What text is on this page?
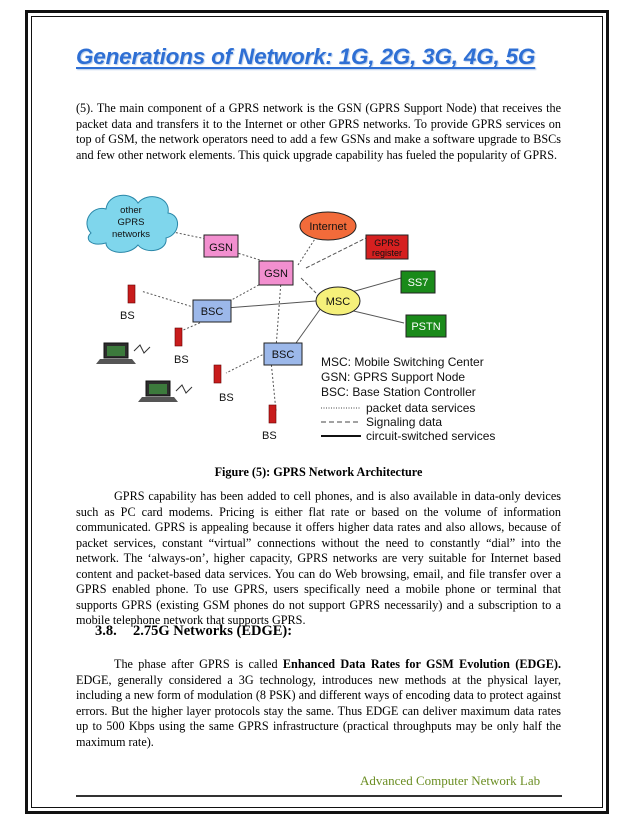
Generations of Network: 1G, 2G, 3G, 4G, 5G

(5). The main component of a GPRS network is the GSN (GPRS Support Node) that receives the packet data and transfers it to the Internet or other GPRS networks. To provide GPRS services on top of GSM, the network operators need to add a few GSNs and make a software upgrade to BSCs and few other network elements. This quick upgrade capability has fueled the popularity of GPRS.

other
GPRS
networks
GSN
Internet
GPRS
register
GSN
SS7
MSC
PSTN
BSC
BSC
BS
BS
BS
BS
MSC: Mobile Switching Center
GSN: GPRS Support Node
BSC: Base Station Controller
packet data services
Signaling data
circuit-switched services
Figure (5): GPRS Network Architecture

GPRS capability has been added to cell phones, and is also available in data-only devices such as PC card modems. Pricing is either flat rate or based on the volume of information communicated. GPRS is appealing because it offers higher data rates and also allows, because of packet services, constant “virtual” connections without the need to constantly “dial” into the network. The ‘always-on’, higher capacity, GPRS networks are very suitable for Internet based content and packet-based data services. You can do Web browsing, email, and file transfer over a GPRS enabled phone. To use GPRS, users specifically need a mobile phone or terminal that supports GPRS (existing GSM phones do not support GPRS necessarily) and a subscription to a mobile telephone network that supports GPRS.

3.8. 2.75G Networks (EDGE):

The phase after GPRS is called Enhanced Data Rates for GSM Evolution (EDGE). EDGE, generally considered a 3G technology, introduces new methods at the physical layer, including a new form of modulation (8 PSK) and different ways of encoding data to protect against errors. But the higher layer protocols stay the same. Thus EDGE can deliver maximum data rates up to 500 Kbps using the same GPRS infrastructure (practical throughputs may be only half the maximum rate).

Advanced Computer Network Lab
